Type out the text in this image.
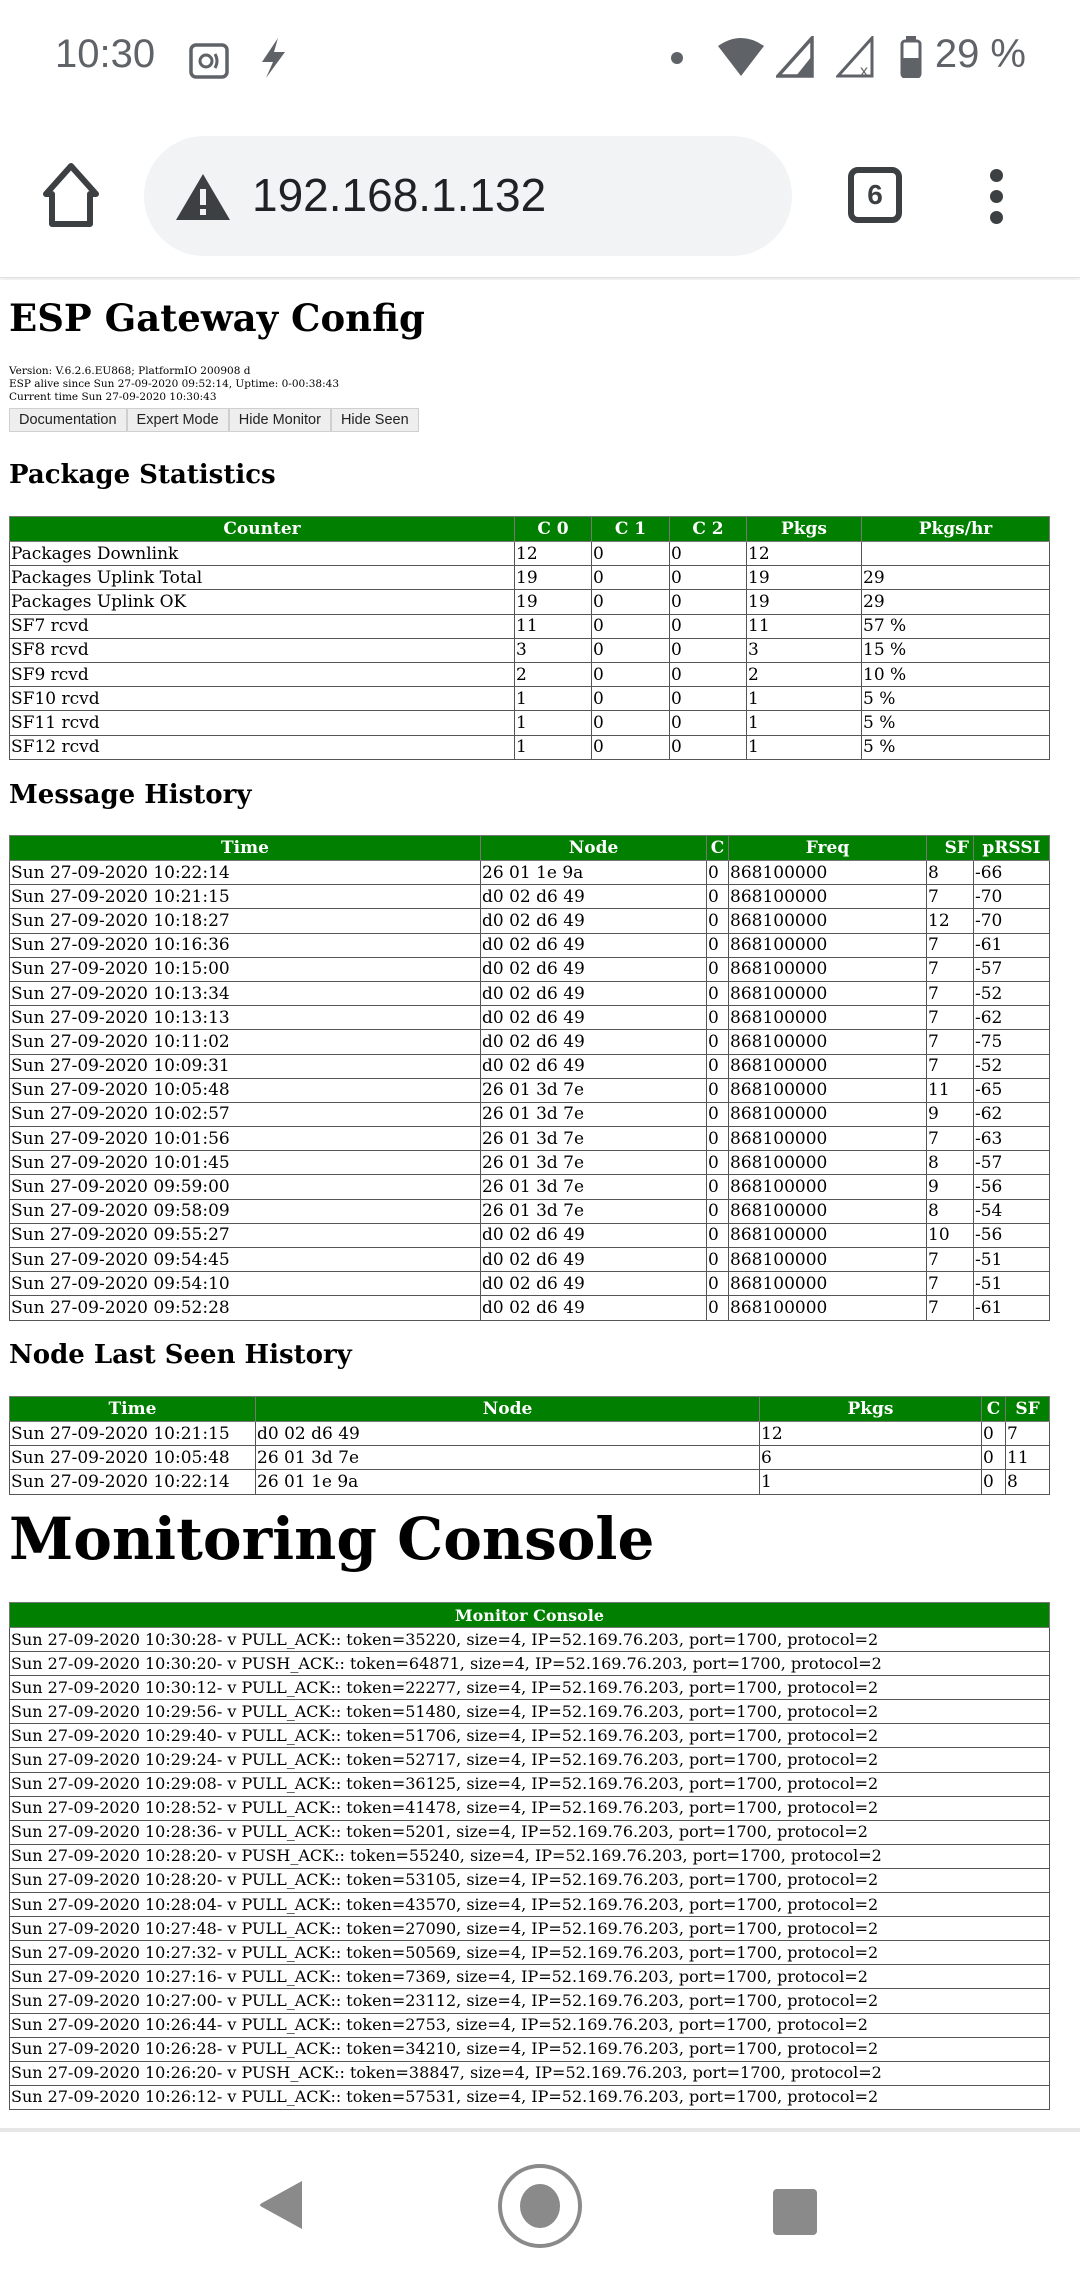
10:30	x 29 %
192.168.1.132	6
ESP Gateway Config
Version: V.6.2.6.EU868; PlatformIO 200908 d
ESP alive since Sun 27-09-2020 09:52:14, Uptime: 0-00:38:43
Current time Sun 27-09-2020 10:30:43
Documentation	Expert Mode	Hide Monitor	Hide Seen
Package Statistics
Counter	C 0	C 1	C 2	Pkgs	Pkgs/hr
Packages Downlink	12	0	0	12	
Packages Uplink Total	19	0	0	19	29
Packages Uplink OK	19	0	0	19	29
SF7 rcvd	11	0	0	11	57 %
SF8 rcvd	3	0	0	3	15 %
SF9 rcvd	2	0	0	2	10 %
SF10 rcvd	1	0	0	1	5 %
SF11 rcvd	1	0	0	1	5 %
SF12 rcvd	1	0	0	1	5 %
Message History
Time	Node	C	Freq	SF	pRSSI
Sun 27-09-2020 10:22:14	26 01 1e 9a	0	868100000	8	-66
Sun 27-09-2020 10:21:15	d0 02 d6 49	0	868100000	7	-70
Sun 27-09-2020 10:18:27	d0 02 d6 49	0	868100000	12	-70
Sun 27-09-2020 10:16:36	d0 02 d6 49	0	868100000	7	-61
Sun 27-09-2020 10:15:00	d0 02 d6 49	0	868100000	7	-57
Sun 27-09-2020 10:13:34	d0 02 d6 49	0	868100000	7	-52
Sun 27-09-2020 10:13:13	d0 02 d6 49	0	868100000	7	-62
Sun 27-09-2020 10:11:02	d0 02 d6 49	0	868100000	7	-75
Sun 27-09-2020 10:09:31	d0 02 d6 49	0	868100000	7	-52
Sun 27-09-2020 10:05:48	26 01 3d 7e	0	868100000	11	-65
Sun 27-09-2020 10:02:57	26 01 3d 7e	0	868100000	9	-62
Sun 27-09-2020 10:01:56	26 01 3d 7e	0	868100000	7	-63
Sun 27-09-2020 10:01:45	26 01 3d 7e	0	868100000	8	-57
Sun 27-09-2020 09:59:00	26 01 3d 7e	0	868100000	9	-56
Sun 27-09-2020 09:58:09	26 01 3d 7e	0	868100000	8	-54
Sun 27-09-2020 09:55:27	d0 02 d6 49	0	868100000	10	-56
Sun 27-09-2020 09:54:45	d0 02 d6 49	0	868100000	7	-51
Sun 27-09-2020 09:54:10	d0 02 d6 49	0	868100000	7	-51
Sun 27-09-2020 09:52:28	d0 02 d6 49	0	868100000	7	-61
Node Last Seen History
Time	Node	Pkgs	C	SF
Sun 27-09-2020 10:21:15	d0 02 d6 49	12	0	7
Sun 27-09-2020 10:05:48	26 01 3d 7e	6	0	11
Sun 27-09-2020 10:22:14	26 01 1e 9a	1	0	8
Monitoring Console
Monitor Console
Sun 27-09-2020 10:30:28- v PULL_ACK:: token=35220, size=4, IP=52.169.76.203, port=1700, protocol=2
Sun 27-09-2020 10:30:20- v PUSH_ACK:: token=64871, size=4, IP=52.169.76.203, port=1700, protocol=2
Sun 27-09-2020 10:30:12- v PULL_ACK:: token=22277, size=4, IP=52.169.76.203, port=1700, protocol=2
Sun 27-09-2020 10:29:56- v PULL_ACK:: token=51480, size=4, IP=52.169.76.203, port=1700, protocol=2
Sun 27-09-2020 10:29:40- v PULL_ACK:: token=51706, size=4, IP=52.169.76.203, port=1700, protocol=2
Sun 27-09-2020 10:29:24- v PULL_ACK:: token=52717, size=4, IP=52.169.76.203, port=1700, protocol=2
Sun 27-09-2020 10:29:08- v PULL_ACK:: token=36125, size=4, IP=52.169.76.203, port=1700, protocol=2
Sun 27-09-2020 10:28:52- v PULL_ACK:: token=41478, size=4, IP=52.169.76.203, port=1700, protocol=2
Sun 27-09-2020 10:28:36- v PULL_ACK:: token=5201, size=4, IP=52.169.76.203, port=1700, protocol=2
Sun 27-09-2020 10:28:20- v PUSH_ACK:: token=55240, size=4, IP=52.169.76.203, port=1700, protocol=2
Sun 27-09-2020 10:28:20- v PULL_ACK:: token=53105, size=4, IP=52.169.76.203, port=1700, protocol=2
Sun 27-09-2020 10:28:04- v PULL_ACK:: token=43570, size=4, IP=52.169.76.203, port=1700, protocol=2
Sun 27-09-2020 10:27:48- v PULL_ACK:: token=27090, size=4, IP=52.169.76.203, port=1700, protocol=2
Sun 27-09-2020 10:27:32- v PULL_ACK:: token=50569, size=4, IP=52.169.76.203, port=1700, protocol=2
Sun 27-09-2020 10:27:16- v PULL_ACK:: token=7369, size=4, IP=52.169.76.203, port=1700, protocol=2
Sun 27-09-2020 10:27:00- v PULL_ACK:: token=23112, size=4, IP=52.169.76.203, port=1700, protocol=2
Sun 27-09-2020 10:26:44- v PULL_ACK:: token=2753, size=4, IP=52.169.76.203, port=1700, protocol=2
Sun 27-09-2020 10:26:28- v PULL_ACK:: token=34210, size=4, IP=52.169.76.203, port=1700, protocol=2
Sun 27-09-2020 10:26:20- v PUSH_ACK:: token=38847, size=4, IP=52.169.76.203, port=1700, protocol=2
Sun 27-09-2020 10:26:12- v PULL_ACK:: token=57531, size=4, IP=52.169.76.203, port=1700, protocol=2
